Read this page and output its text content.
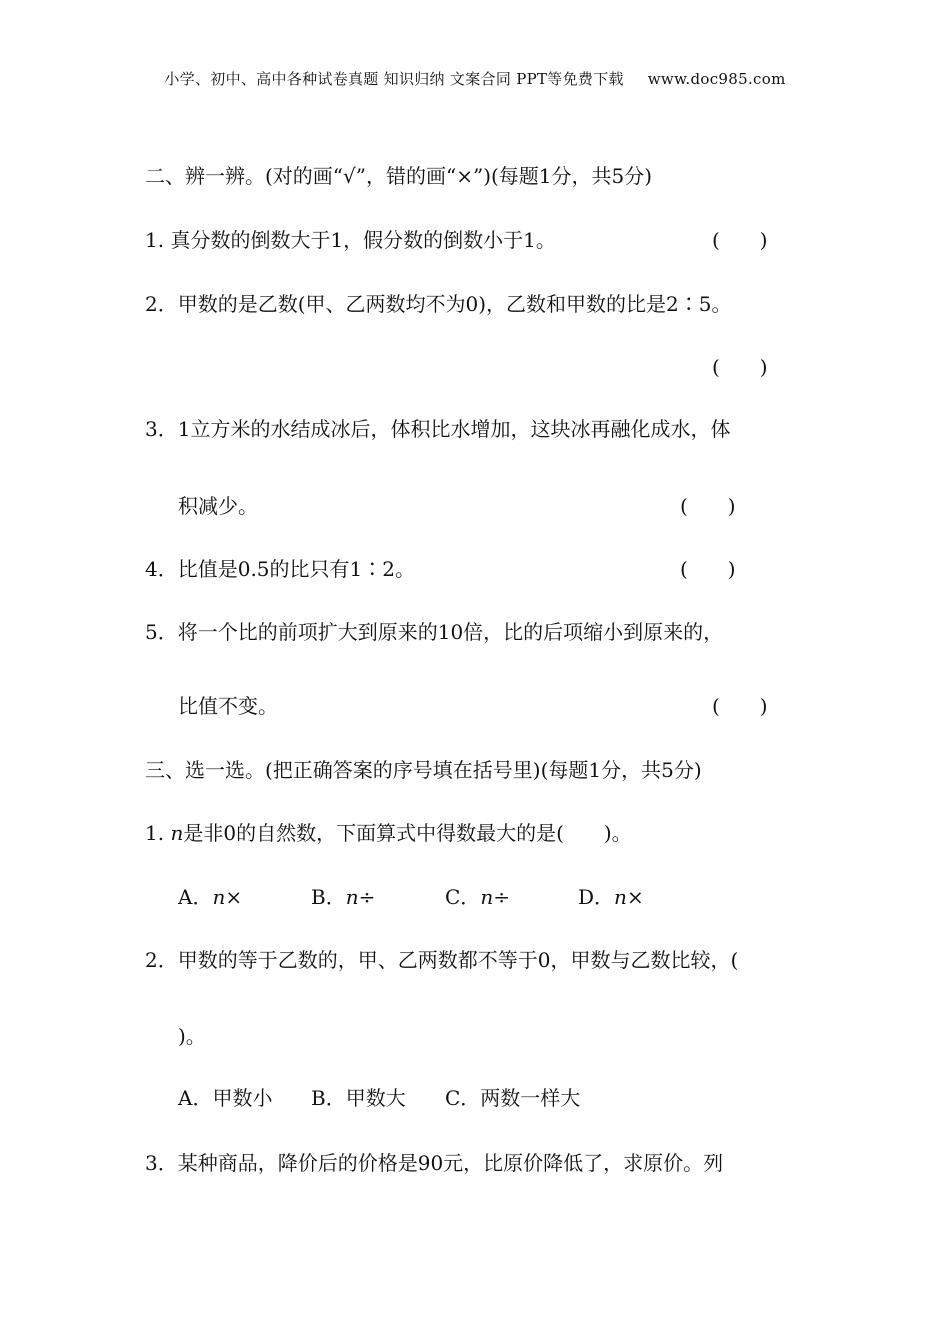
小学、初中、高中各种试卷真题 知识归纳 文案合同 PPT等免费下载 www.doc985.com
二、辨一辨。(对的画“√”，错的画“×”)(每题1分，共5分)
1. 真分数的倒数大于1，假分数的倒数小于1。	(　　)
2．甲数的是乙数(甲、乙两数均不为0)，乙数和甲数的比是2∶5。
(　　)
3．1立方米的水结成冰后，体积比水增加，这块冰再融化成水，体
积减少。	(　　)
4．比值是0.5的比只有1∶2。	(　　)
5．将一个比的前项扩大到原来的10倍，比的后项缩小到原来的，
比值不变。	(　　)
三、选一选。(把正确答案的序号填在括号里)(每题1分，共5分)
1. n是非0的自然数，下面算式中得数最大的是(　　)。
A．n×	B．n÷	C．n÷	D．n×
2．甲数的等于乙数的，甲、乙两数都不等于0，甲数与乙数比较，(
)。
A．甲数小 B．甲数大 C．两数一样大
3．某种商品，降价后的价格是90元，比原价降低了，求原价。列
